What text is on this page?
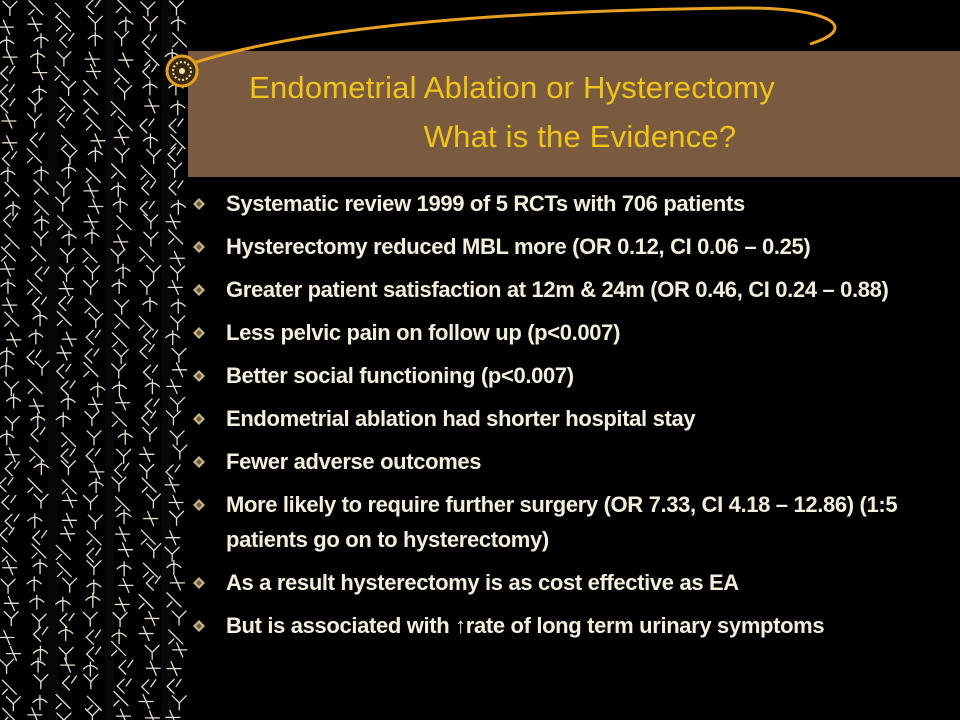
Endometrial Ablation or Hysterectomy
What is the Evidence?
Systematic review 1999 of 5 RCTs with 706 patients
Hysterectomy reduced MBL more (OR 0.12, CI 0.06 – 0.25)
Greater patient satisfaction at 12m & 24m (OR 0.46, CI 0.24 – 0.88)
Less pelvic pain on follow up (p<0.007)
Better social functioning (p<0.007)
Endometrial ablation had shorter hospital stay
Fewer adverse outcomes
More likely to require further surgery (OR 7.33, CI 4.18 – 12.86) (1:5 patients go on to hysterectomy)
As a result hysterectomy is as cost effective as EA
But is associated with ↑rate of long term urinary symptoms
